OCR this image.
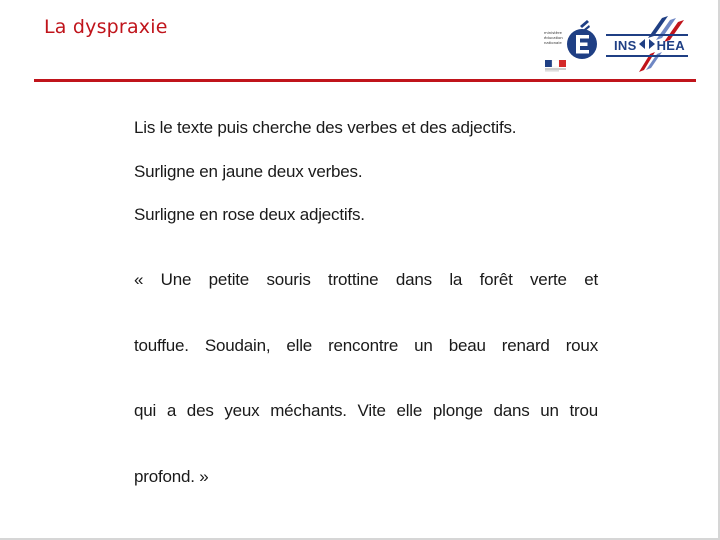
La dyspraxie	ministère
éducation
nationale	INS HEA
Lis le texte puis cherche des verbes et des adjectifs.
Surligne en jaune deux verbes.
Surligne en rose deux adjectifs.
« Une petite souris trottine dans la forêt verte et
touffue. Soudain, elle rencontre un beau renard roux
qui a des yeux méchants. Vite elle plonge dans un trou
profond. »
